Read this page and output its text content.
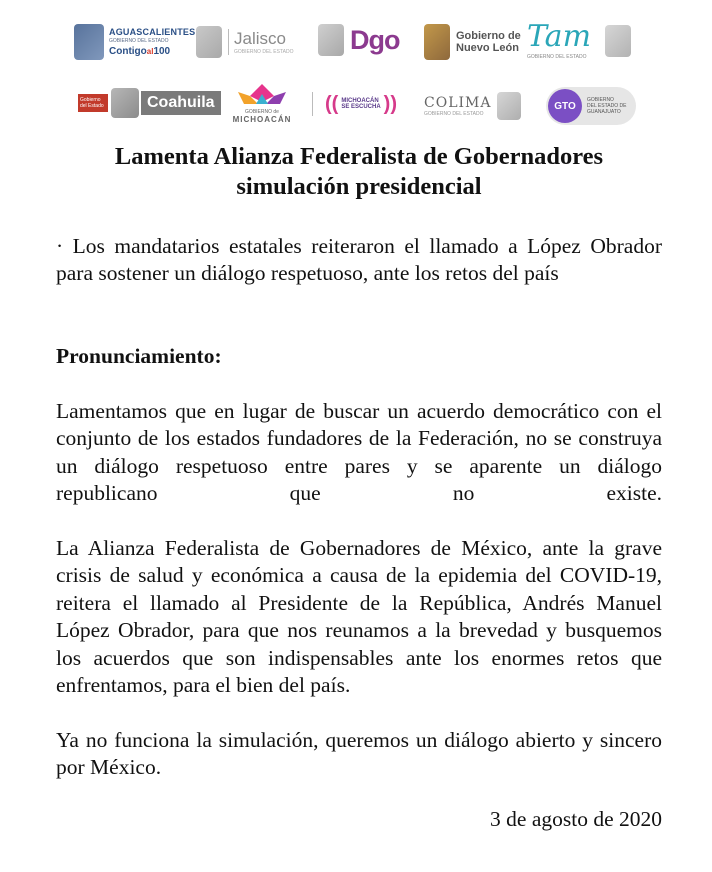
AGUASCALIENTES
GOBIERNO DEL ESTADO
Contigoal100
Jalisco
GOBIERNO DEL ESTADO Dgo	Gobierno de
Nuevo León Tam
GOBIERNO DEL ESTADO
Gobierno del Estado	Coahuila
GOBIERNO de
MICHOACÁN
(( MICHOACÁN
SE ESCUCHA )) COLIMA
GOBIERNO DEL ESTADO
GTO
GOBIERNO
DEL ESTADO DE
GUANAJUATO
Lamenta Alianza Federalista de Gobernadores
simulación presidencial

· Los mandatarios estatales reiteraron el llamado a López Obrador para sostener un diálogo respetuoso, ante los retos del país

Pronunciamiento:

Lamentamos que en lugar de buscar un acuerdo democrático con el conjunto de los estados fundadores de la Federación, no se construya un diálogo respetuoso entre pares y se aparente un diálogo republicano que no existe.

La Alianza Federalista de Gobernadores de México, ante la grave crisis de salud y económica a causa de la epidemia del COVID-19, reitera el llamado al Presidente de la República, Andrés Manuel López Obrador, para que nos reunamos a la brevedad y busquemos los acuerdos que son indispensables ante los enormes retos que enfrentamos, para el bien del país.

Ya no funciona la simulación, queremos un diálogo abierto y sincero por México.

3 de agosto de 2020
